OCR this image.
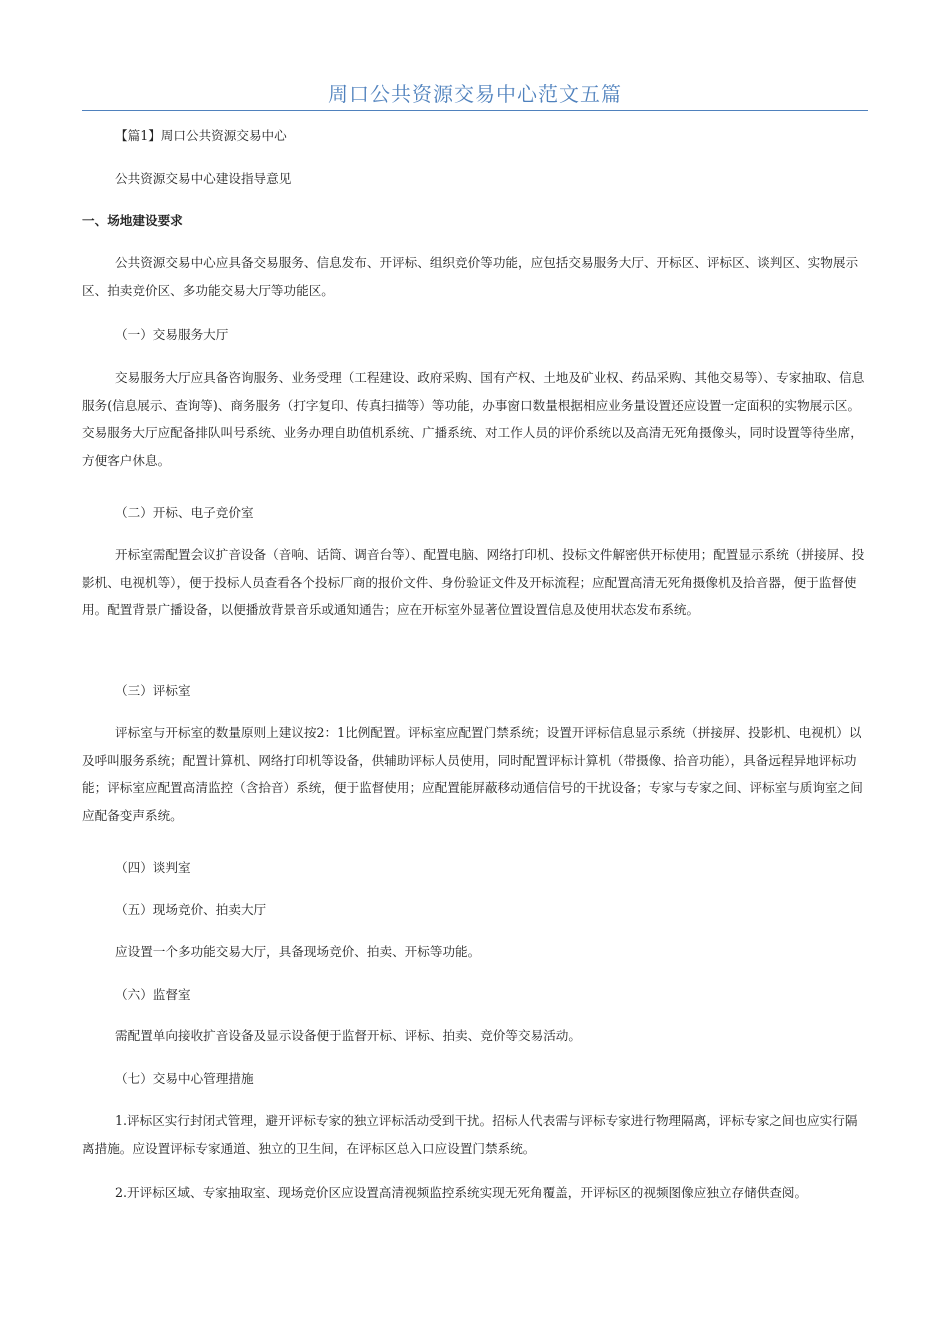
周口公共资源交易中心范文五篇
【篇1】周口公共资源交易中心
公共资源交易中心建设指导意见
一、场地建设要求
公共资源交易中心应具备交易服务、信息发布、开评标、组织竞价等功能，应包括交易服务大厅、开标区、评标区、谈判区、实物展示区、拍卖竞价区、多功能交易大厅等功能区。
（一）交易服务大厅
交易服务大厅应具备咨询服务、业务受理（工程建设、政府采购、国有产权、土地及矿业权、药品采购、其他交易等）、专家抽取、信息服务(信息展示、查询等)、商务服务（打字复印、传真扫描等）等功能，办事窗口数量根据相应业务量设置还应设置一定面积的实物展示区。交易服务大厅应配备排队叫号系统、业务办理自助值机系统、广播系统、对工作人员的评价系统以及高清无死角摄像头，同时设置等待坐席，方便客户休息。
（二）开标、电子竞价室
开标室需配置会议扩音设备（音响、话筒、调音台等）、配置电脑、网络打印机、投标文件解密供开标使用；配置显示系统（拼接屏、投影机、电视机等），便于投标人员查看各个投标厂商的报价文件、身份验证文件及开标流程；应配置高清无死角摄像机及拾音器，便于监督使用。配置背景广播设备，以便播放背景音乐或通知通告；应在开标室外显著位置设置信息及使用状态发布系统。
（三）评标室
评标室与开标室的数量原则上建议按2：1比例配置。评标室应配置门禁系统；设置开评标信息显示系统（拼接屏、投影机、电视机）以及呼叫服务系统；配置计算机、网络打印机等设备，供辅助评标人员使用，同时配置评标计算机（带摄像、拾音功能），具备远程异地评标功能；评标室应配置高清监控（含拾音）系统，便于监督使用；应配置能屏蔽移动通信信号的干扰设备；专家与专家之间、评标室与质询室之间应配备变声系统。
（四）谈判室
（五）现场竞价、拍卖大厅
应设置一个多功能交易大厅，具备现场竞价、拍卖、开标等功能。
（六）监督室
需配置单向接收扩音设备及显示设备便于监督开标、评标、拍卖、竞价等交易活动。
（七）交易中心管理措施
1.评标区实行封闭式管理，避开评标专家的独立评标活动受到干扰。招标人代表需与评标专家进行物理隔离，评标专家之间也应实行隔离措施。应设置评标专家通道、独立的卫生间，在评标区总入口应设置门禁系统。
2.开评标区域、专家抽取室、现场竞价区应设置高清视频监控系统实现无死角覆盖，开评标区的视频图像应独立存储供查阅。
